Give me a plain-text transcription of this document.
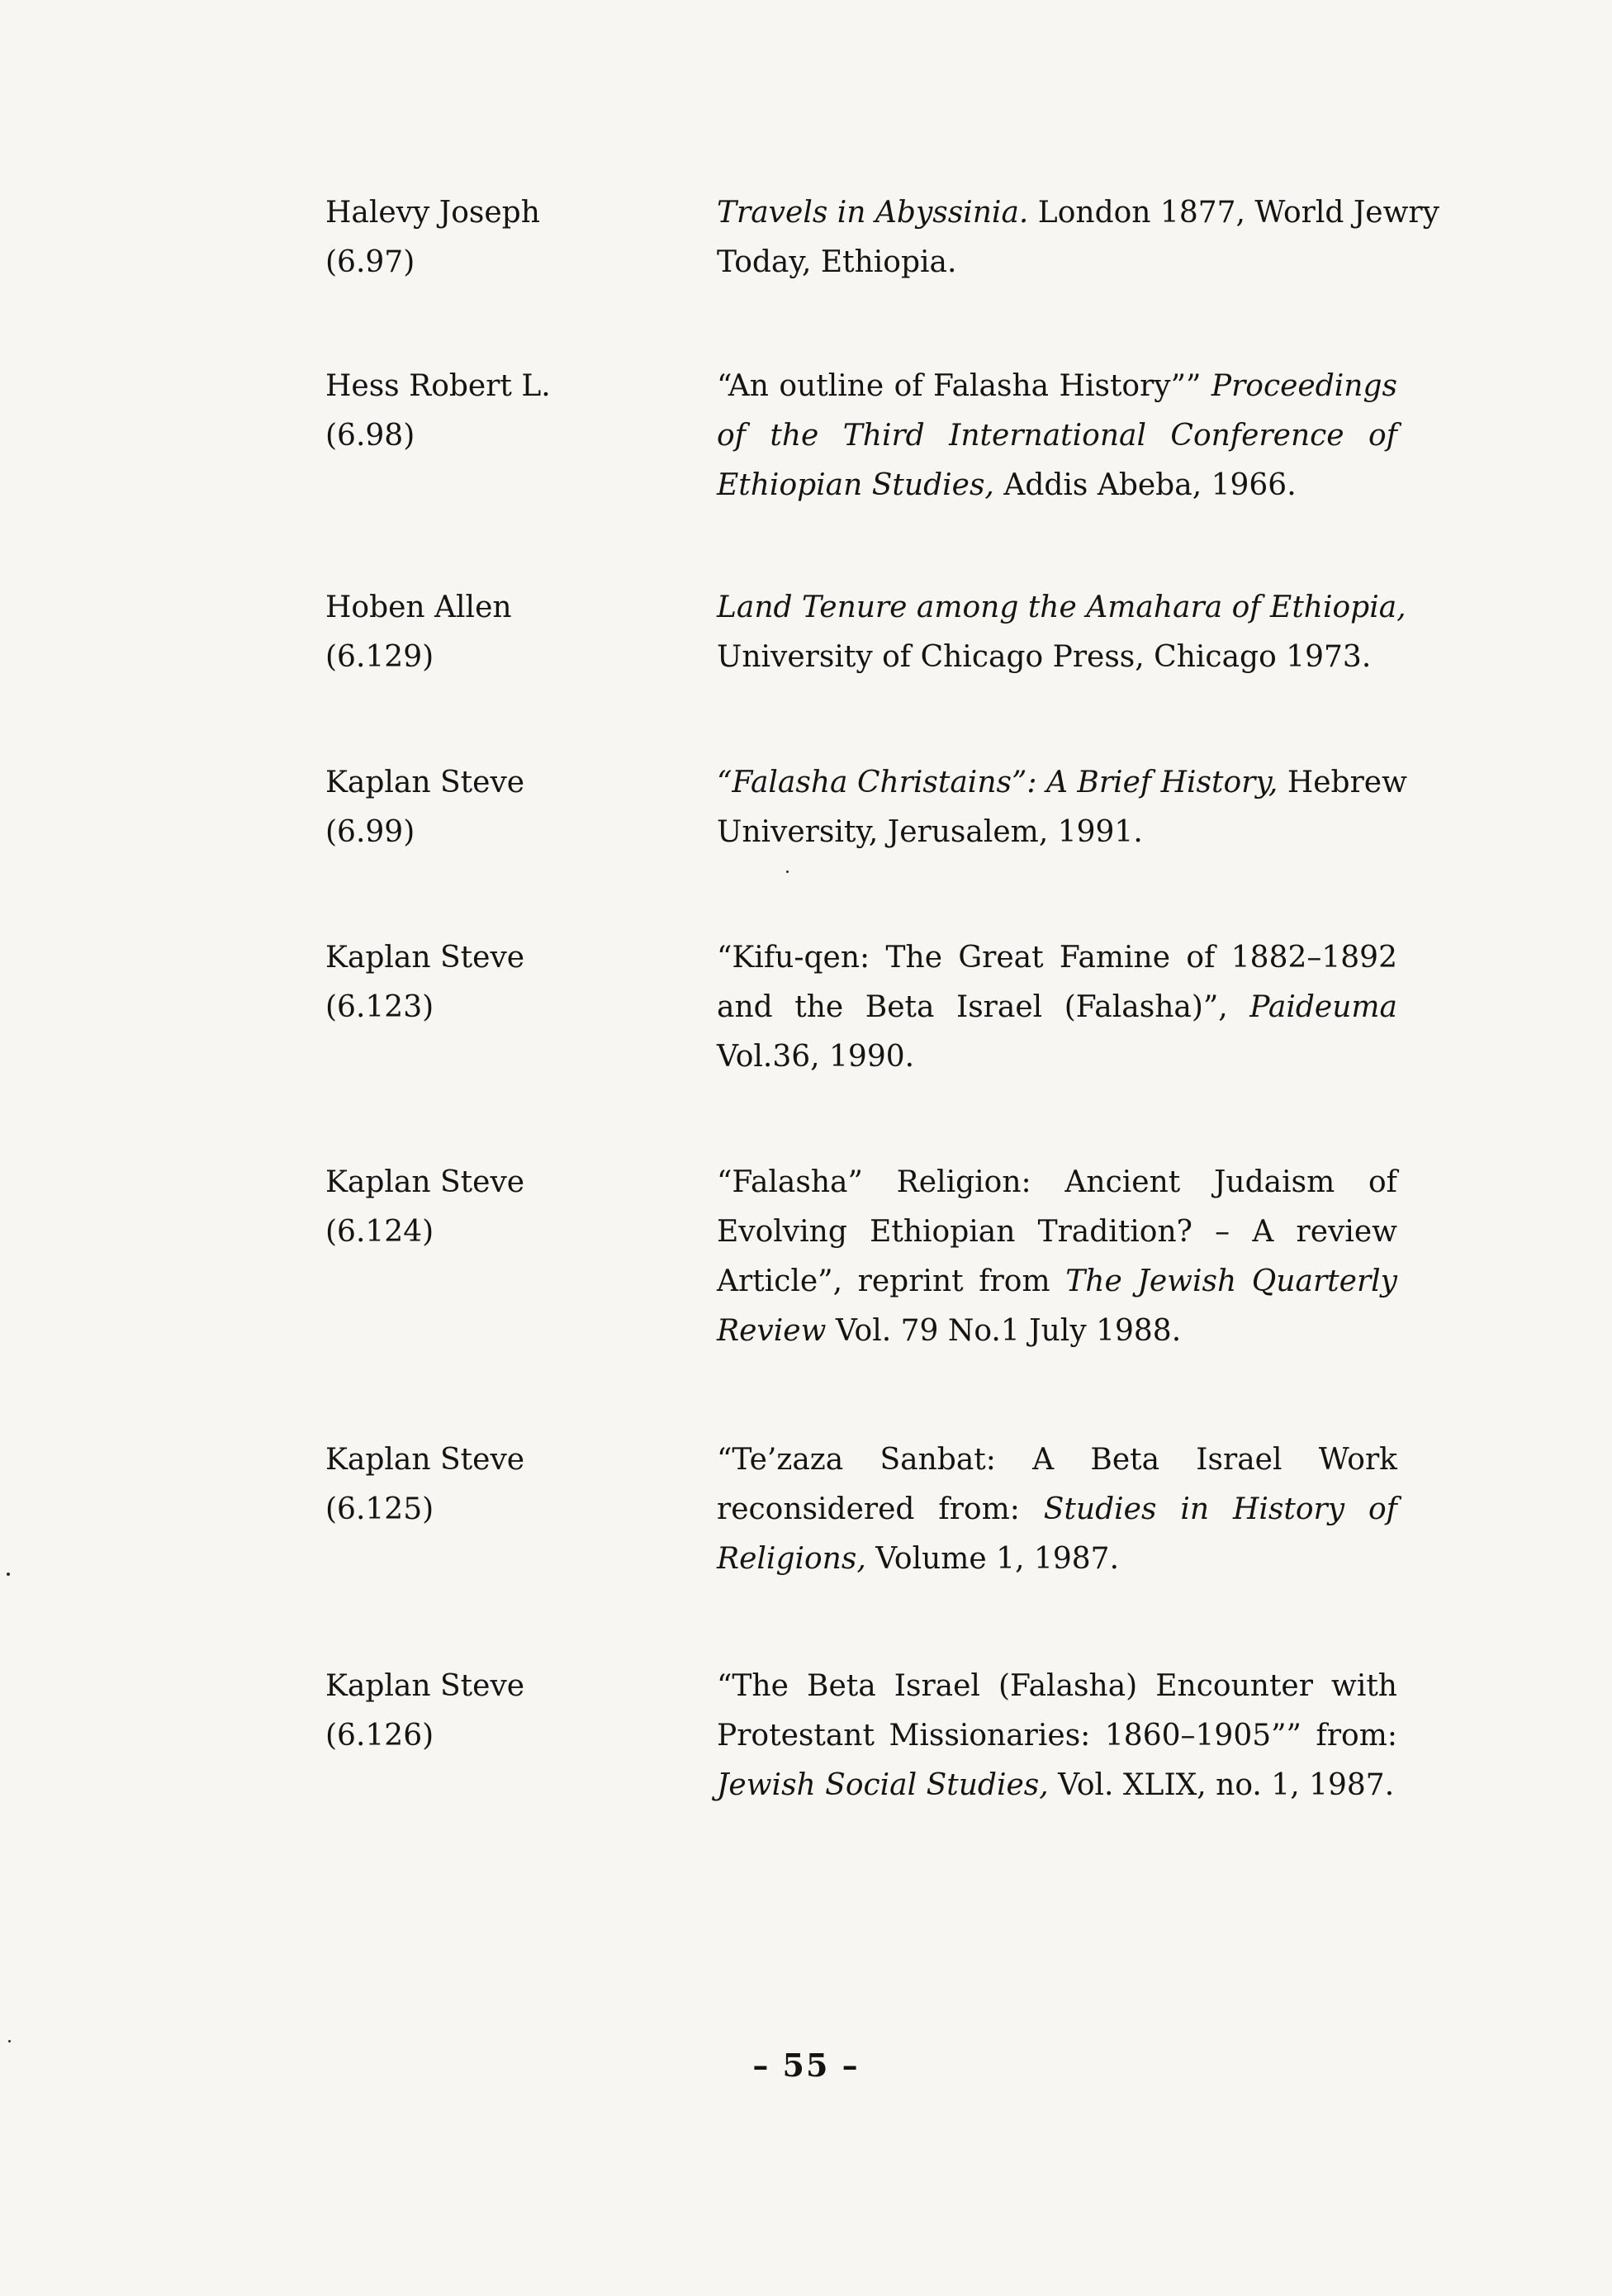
Halevy Joseph
(6.97)
Travels in Abyssinia. London 1877, World Jewry
Today, Ethiopia.
Hess Robert L.
(6.98)
“An outline of Falasha History”” Proceedings
of the Third International Conference of
Ethiopian Studies, Addis Abeba, 1966.
Hoben Allen
(6.129)
Land Tenure among the Amahara of Ethiopia,
University of Chicago Press, Chicago 1973.
Kaplan Steve
(6.99)
“Falasha Christains”: A Brief History, Hebrew
University, Jerusalem, 1991.
Kaplan Steve
(6.123)
“Kifu-qen: The Great Famine of 1882–1892
and the Beta Israel (Falasha)”, Paideuma
Vol.36, 1990.
Kaplan Steve
(6.124)
“Falasha” Religion: Ancient Judaism of
Evolving Ethiopian Tradition? – A review
Article”, reprint from The Jewish Quarterly
Review Vol. 79 No.1 July 1988.
Kaplan Steve
(6.125)
“Te’zaza Sanbat: A Beta Israel Work
reconsidered from: Studies in History of
Religions, Volume 1, 1987.
Kaplan Steve
(6.126)
“The Beta Israel (Falasha) Encounter with
Protestant Missionaries: 1860–1905”” from:
Jewish Social Studies, Vol. XLIX, no. 1, 1987.
– 55 –
